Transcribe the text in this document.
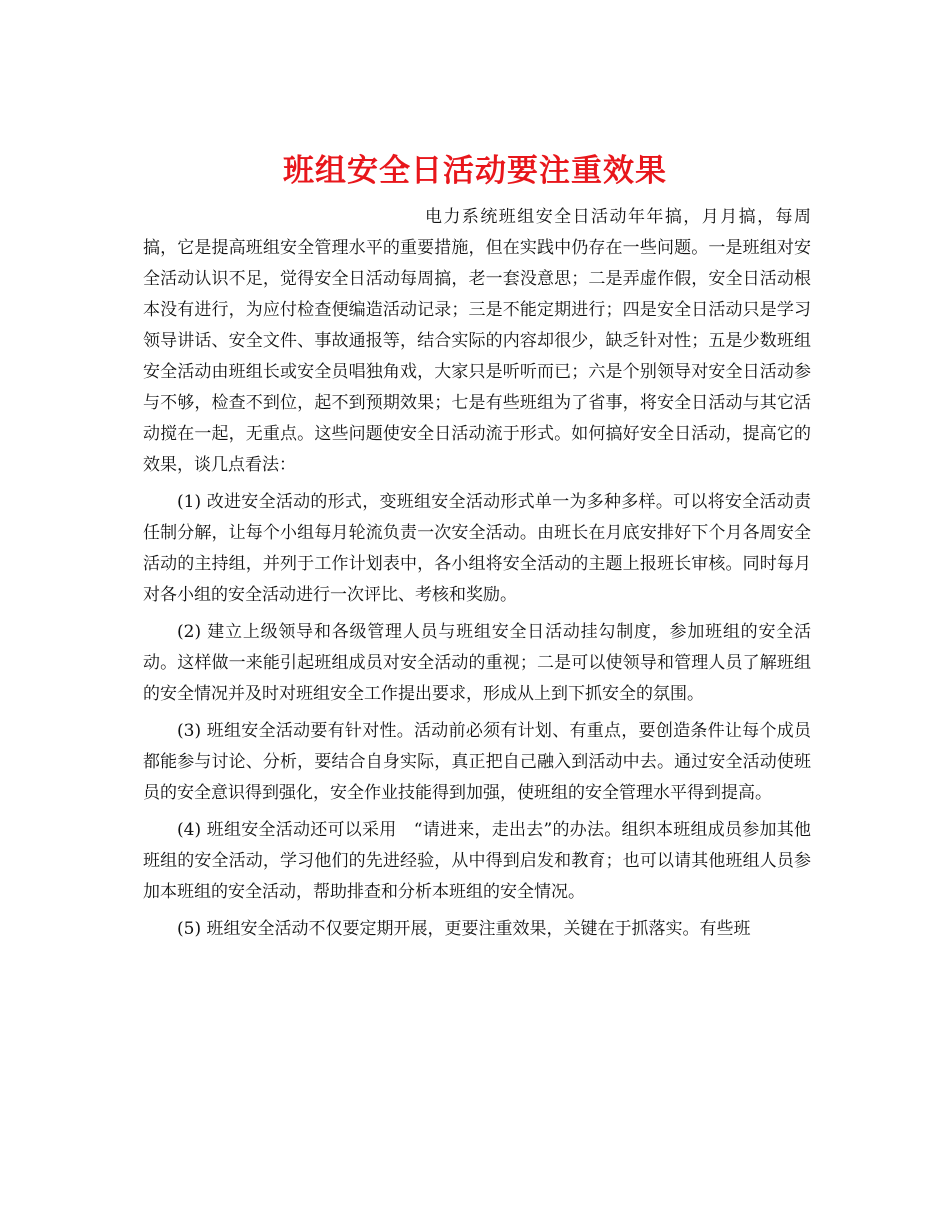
班组安全日活动要注重效果

电力系统班组安全日活动年年搞，月月搞，每周搞，它是提高班组安全管理水平的重要措施，但在实践中仍存在一些问题。一是班组对安全活动认识不足，觉得安全日活动每周搞，老一套没意思；二是弄虚作假，安全日活动根本没有进行，为应付检查便编造活动记录；三是不能定期进行；四是安全日活动只是学习领导讲话、安全文件、事故通报等，结合实际的内容却很少，缺乏针对性；五是少数班组安全活动由班组长或安全员唱独角戏，大家只是听听而已；六是个别领导对安全日活动参与不够，检查不到位，起不到预期效果；七是有些班组为了省事，将安全日活动与其它活动搅在一起，无重点。这些问题使安全日活动流于形式。如何搞好安全日活动，提高它的效果，谈几点看法：

(1) 改进安全活动的形式，变班组安全活动形式单一为多种多样。可以将安全活动责任制分解，让每个小组每月轮流负责一次安全活动。由班长在月底安排好下个月各周安全活动的主持组，并列于工作计划表中，各小组将安全活动的主题上报班长审核。同时每月对各小组的安全活动进行一次评比、考核和奖励。

(2) 建立上级领导和各级管理人员与班组安全日活动挂勾制度，参加班组的安全活动。这样做一来能引起班组成员对安全活动的重视；二是可以使领导和管理人员了解班组的安全情况并及时对班组安全工作提出要求，形成从上到下抓安全的氛围。

(3) 班组安全活动要有针对性。活动前必须有计划、有重点，要创造条件让每个成员都能参与讨论、分析，要结合自身实际，真正把自己融入到活动中去。通过安全活动使班员的安全意识得到强化，安全作业技能得到加强，使班组的安全管理水平得到提高。

(4) 班组安全活动还可以采用　“请进来，走出去”的办法。组织本班组成员参加其他班组的安全活动，学习他们的先进经验，从中得到启发和教育；也可以请其他班组人员参加本班组的安全活动，帮助排查和分析本班组的安全情况。

(5) 班组安全活动不仅要定期开展，更要注重效果，关键在于抓落实。有些班
